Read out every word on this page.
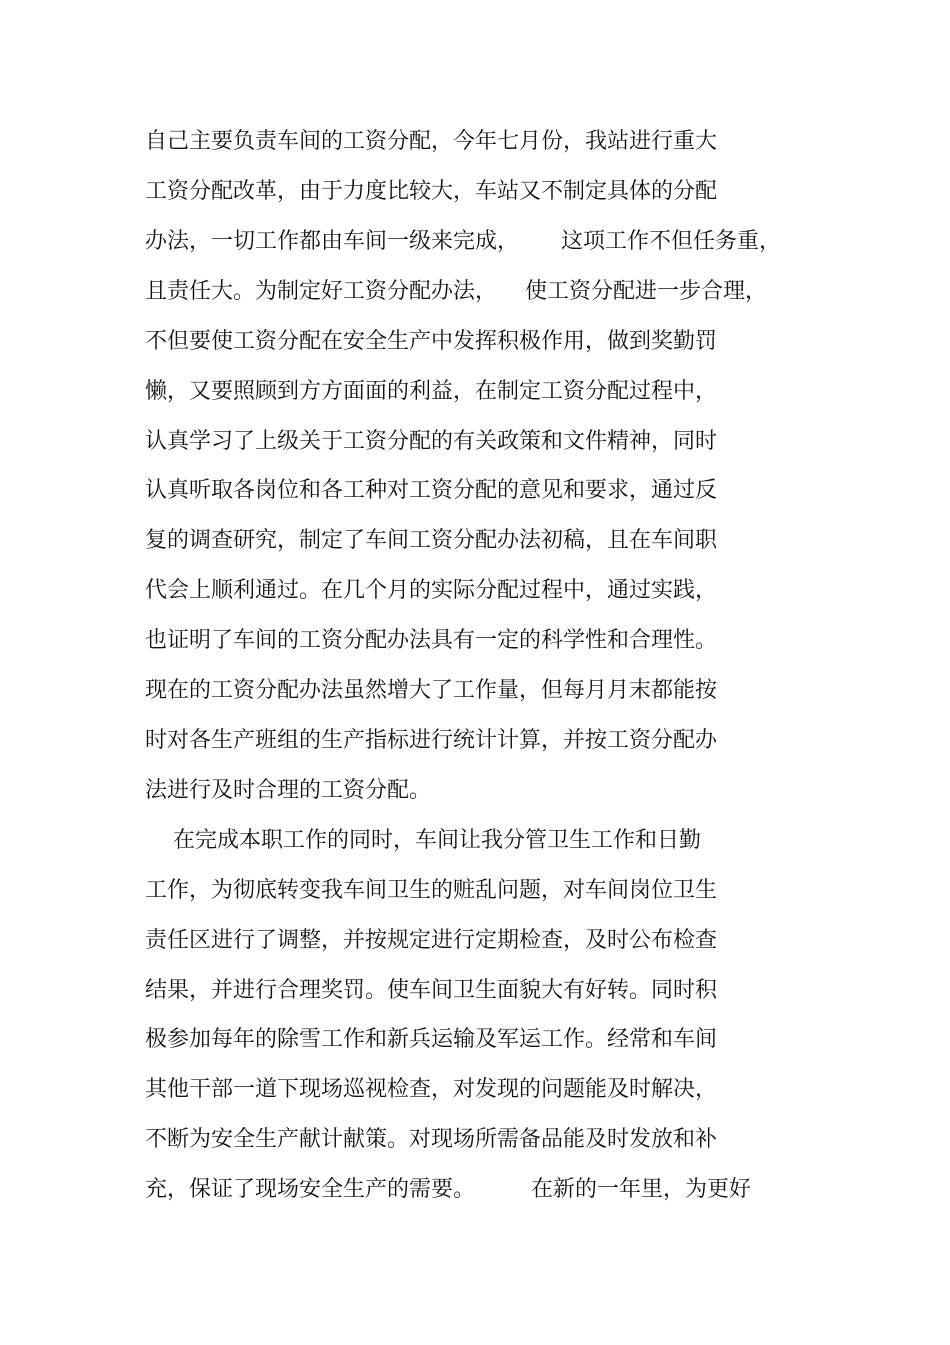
自己主要负责车间的工资分配，今年七月份，我站进行重大
工资分配改革，由于力度比较大，车站又不制定具体的分配
办法，一切工作都由车间一级来完成，      这项工作不但任务重，
且责任大。为制定好工资分配办法，    使工资分配进一步合理，
不但要使工资分配在安全生产中发挥积极作用，做到奖勤罚
懒，又要照顾到方方面面的利益，在制定工资分配过程中，
认真学习了上级关于工资分配的有关政策和文件精神，同时
认真听取各岗位和各工种对工资分配的意见和要求，通过反
复的调查研究，制定了车间工资分配办法初稿，且在车间职
代会上顺利通过。在几个月的实际分配过程中，通过实践，
也证明了车间的工资分配办法具有一定的科学性和合理性。
现在的工资分配办法虽然增大了工作量，但每月月末都能按
时对各生产班组的生产指标进行统计计算，并按工资分配办
法进行及时合理的工资分配。
在完成本职工作的同时，车间让我分管卫生工作和日勤
工作，为彻底转变我车间卫生的赃乱问题，对车间岗位卫生
责任区进行了调整，并按规定进行定期检查，及时公布检查
结果，并进行合理奖罚。使车间卫生面貌大有好转。同时积
极参加每年的除雪工作和新兵运输及军运工作。经常和车间
其他干部一道下现场巡视检查，对发现的问题能及时解决，
不断为安全生产献计献策。对现场所需备品能及时发放和补
充，保证了现场安全生产的需要。        在新的一年里，为更好
